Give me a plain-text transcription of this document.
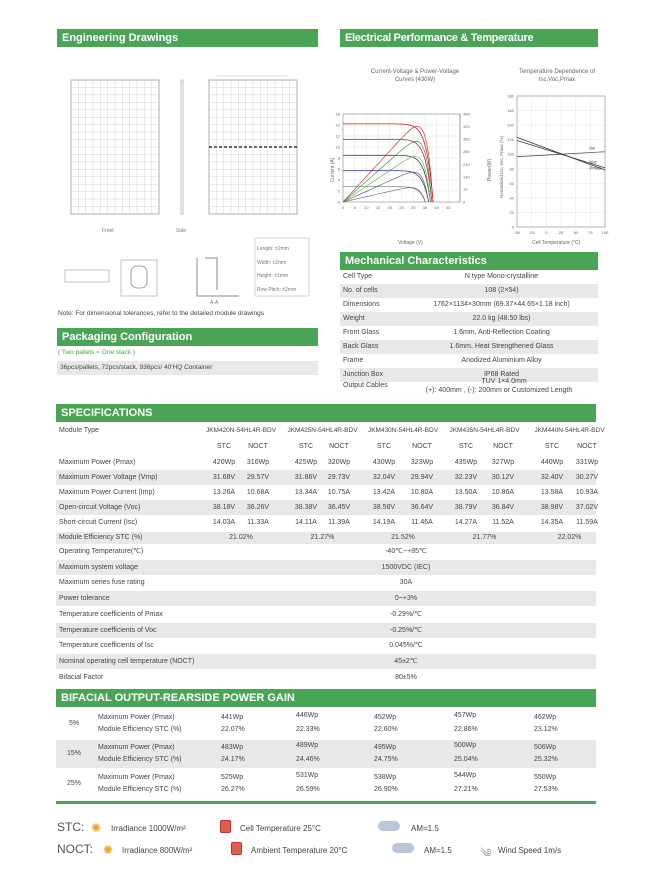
Engineering Drawings
Front	Side
A-A
Length: ±2mm
Width: ±2mm
Height: ±1mm
Row Pitch: ±2mm
Note: For dimensional tolerances, refer to the detailed module drawings
Packaging Configuration
( Two pallets = One stack )
36pcs/pallets, 72pcs/stack, 936pcs/ 40'HQ Container
Electrical Performance & Temperature Dependence
Current-Voltage & Power-Voltage
Curves (430W)
Current (A)	Power(W)
0 5 10 15 20 25 30 35 40 45
0
2
4
6
8
10
12
14
16
0
70
140
210
280
350
420
490
Voltage (V)
Temperature Dependence of
Isc,Voc,Pmax
Normalized Isc, Voc, Pmax (%)
-50 -25	0	25	50	75 100
0
20
40
60
80
100
120
140
160
180
Isc
Voc
Pmax
Cell Temperature (°C)
Mechanical Characteristics
Cell Type	N type Mono-crystalline
No. of cells	108 (2×54)
Dimensions	1762×1134×30mm (69.37×44.65×1.18 inch)
Weight	22.0 kg (48.50 lbs)
Front Glass	1.6mm, Anti-Reflection Coating
Back Glass	1.6mm, Heat Strengthened Glass
Frame	Anodized Aluminium Alloy
Junction Box	IP68 Rated
Output Cables
TUV 1×4.0mm
(+): 400mm , (-): 200mm or Customized Length
SPECIFICATIONS
Module Type	JKM420N-54HL4R-BDV	JKM425N-54HL4R-BDV	JKM430N-54HL4R-BDV	JKM435N-54HL4R-BDV	JKM440N-54HL4R-BDV
STC	NOCT	STC	NOCT	STC	NOCT	STC	NOCT	STC	NOCT
Maximum Power (Pmax)	420Wp	316Wp	425Wp	320Wp	430Wp	323Wp	435Wp	327Wp	440Wp	331Wp
Maximum Power Voltage (Vmp)	31.68V	29.57V	31.86V	29.73V	32.04V	29.94V	32.23V	30.12V	32.40V	30.27V
Maximum Power Current (Imp)	13.26A	10.68A	13.34A	10.75A	13.42A	10.80A	13.50A	10.86A	13.58A	10.93A
Open-circuit Voltage (Voc)	38.18V	36.26V	38.38V	36.45V	38.58V	36.64V	38.79V	36.84V	38.98V	37.02V
Short-circuit Current (Isc)	14.03A	11.33A	14.11A	11.39A	14.19A	11.46A	14.27A	11.52A	14.35A	11.59A
Module Efficiency STC (%)	21.02%	21.27%	21.52%	21.77%	22.02%
Operating Temperature(℃)	-40℃~+85℃
Maximum system voltage	1500VDC (IEC)
Maximum series fuse rating	30A
Power tolerance	0~+3%
Temperature coefficients of Pmax	-0.29%/℃
Temperature coefficients of Voc	-0.25%/℃
Temperature coefficients of Isc	0.045%/℃
Nominal operating cell temperature (NOCT)	45±2℃
Bifacial Factor	80±5%
BIFACIAL OUTPUT-REARSIDE POWER GAIN
5%
Maximum Power (Pmax)	441Wp	446Wp	452Wp	457Wp	462Wp
Module Efficiency STC (%)	22.07%	22.33%	22.60%	22.86%	23.12%
15%
Maximum Power (Pmax)	483Wp	489Wp	495Wp	500Wp	506Wp
Module Efficiency STC (%)	24.17%	24.46%	24.75%	25.04%	25.32%
25%
Maximum Power (Pmax)	525Wp	531Wp	538Wp	544Wp	550Wp
Module Efficiency STC (%)	26.27%	26.59%	26.90%	27.21%	27.53%
STC: ✺ Irradiance 1000W/m²	Cell Temperature 25°C	AM=1.5
NOCT: ✺ Irradiance 800W/m²	Ambient Temperature 20°C	AM=1.5 ༄ Wind Speed 1m/s
